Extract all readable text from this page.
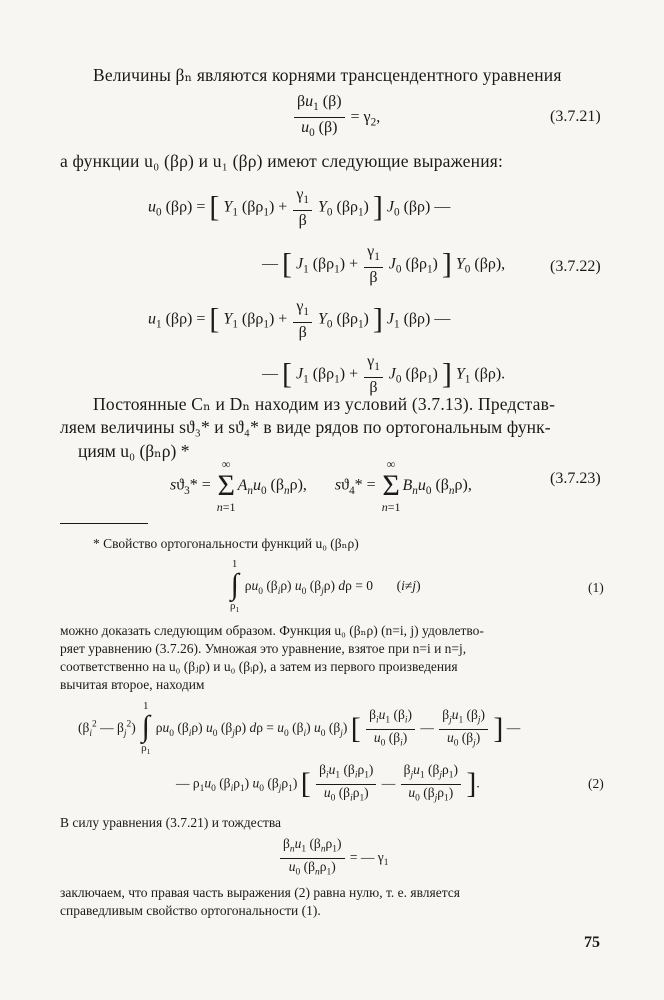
Величины βₙ являются корнями трансцендентного уравнения
$\frac{\beta u_1 (\beta)}{u_0 (\beta)} = \gamma_2$,	(3.7.21)
а функции u₀ (βρ) и u₁ (βρ) имеют следующие выражения:
$u_0$ (βρ) = [ $Y_1$ $(\beta\rho_1) + \frac{\gamma_1}{\beta} Y_0$ $(\beta\rho_1)$ ] $J_0$ (βρ) —
— [ $J_1$ $(\beta\rho_1) + \frac{\gamma_1}{\beta} J_0$ $(\beta\rho_1)$ ] $Y_0$ (βρ),	(3.7.22)
$u_1$ (βρ) = [ $Y_1$ $(\beta\rho_1) + \frac{\gamma_1}{\beta} Y_0$ $(\beta\rho_1)$ ] $J_1$ (βρ) —
— [ $J_1$ $(\beta\rho_1) + \frac{\gamma_1}{\beta} J_0$ $(\beta\rho_1)$ ] $Y_1$ (βρ).
Постоянные Cₙ и Dₙ находим из условий (3.7.13). Представ-
ляем величины sϑ₃* и sϑ₄* в виде рядов по ортогональным функ-
циям u₀ (βₙρ) *
$sϑ_3*$ = ∞
Σ
$n=1A_nu_0$ $(\beta_n\rho)$,       $sϑ_4*$ = ∞
Σ
$n=1B_nu_0$ $(\beta_n\rho)$,	(3.7.23)
* Свойство ортогональности функций u₀ (βₙρ)
1
∫
$\rho_1$ $\rho u_0$ $(\beta_i\rho)$ $u_0$ $(\beta_j\rho) d\rho = 0$       (i≠j)	(1)
можно доказать следующим образом. Функция u₀ (βₙρ) (n=i, j) удовлетво-
ряет уравнению (3.7.26). Умножая это уравнение, взятое при n=i и n=j,
соответственно на u₀ (βⱼρ) и u₀ (βᵢρ), а затем из первого произведения
вычитая второе, находим
($\beta_i^2$ — $\beta_j^2$) 1
∫
$\rho_1$ $\rho u_0$ $(\beta_i\rho)$ $u_0$ $(\beta_j\rho) d\rho = u_0$ $(\beta_i)$ $u_0$ $(\beta_j)$ [ $\frac{\beta_iu_1 (\beta_i)}{u_0 (\beta_i)}$ — $\frac{\beta_ju_1 (\beta_j)}{u_0 (\beta_j)}$ ] —
— $\rho_1u_0$ $(\beta_i\rho_1)$ $u_0$ $(\beta_j\rho_1)$ [ $\frac{\beta_iu_1 (\beta_i\rho_1)}{u_0 (\beta_i\rho_1)}$ — $\frac{\beta_ju_1 (\beta_j\rho_1)}{u_0 (\beta_j\rho_1)}$ ].	(2)
В силу уравнения (3.7.21) и тождества
$\frac{\beta_nu_1 (\beta_n\rho_1)}{u_0 (\beta_n\rho_1)}$ = — $\gamma_1$
заключаем, что правая часть выражения (2) равна нулю, т. е. является
справедливым свойство ортогональности (1).
75
